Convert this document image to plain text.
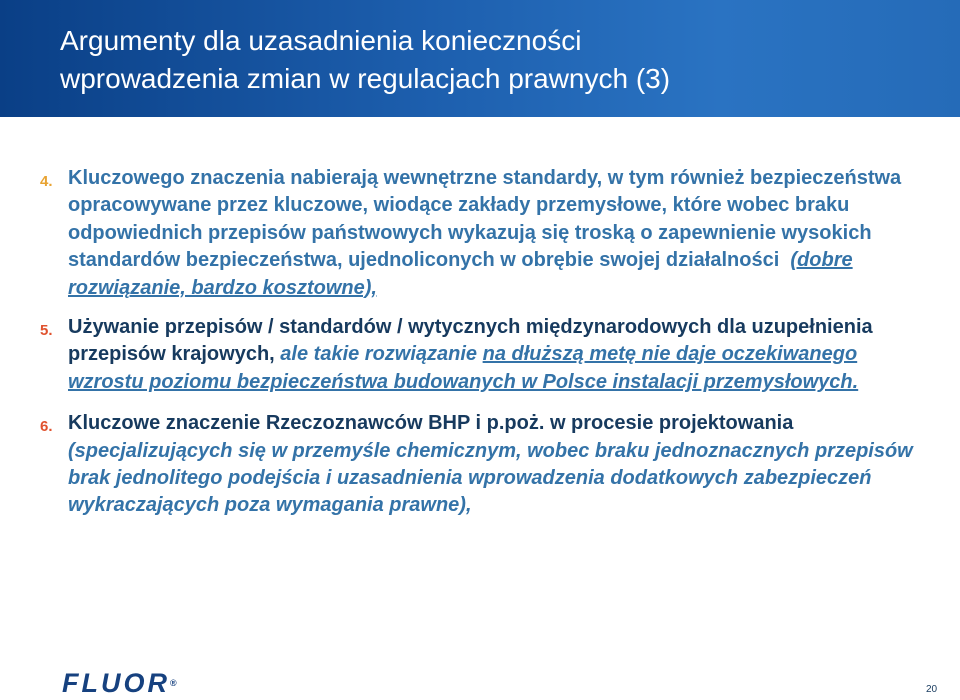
Argumenty dla uzasadnienia konieczności
wprowadzenia zmian w regulacjach prawnych (3)
4. Kluczowego znaczenia nabierają wewnętrzne standardy, w tym również bezpieczeństwa opracowywane przez kluczowe, wiodące zakłady przemysłowe, które wobec braku odpowiednich przepisów państwowych wykazują się troską o zapewnienie wysokich standardów bezpieczeństwa, ujednoliconych w obrębie swojej działalności (dobre rozwiązanie, bardzo kosztowne),
5. Używanie przepisów / standardów / wytycznych międzynarodowych dla uzupełnienia przepisów krajowych, ale takie rozwiązanie na dłuższą metę nie daje oczekiwanego wzrostu poziomu bezpieczeństwa budowanych w Polsce instalacji przemysłowych.
6. Kluczowe znaczenie Rzeczoznawców BHP i p.poż. w procesie projektowania (specjalizujących się w przemyśle chemicznym, wobec braku jednoznacznych przepisów brak jednolitego podejścia i uzasadnienia wprowadzenia dodatkowych zabezpieczeń wykraczających poza wymagania prawne),
FLUOR®
20
